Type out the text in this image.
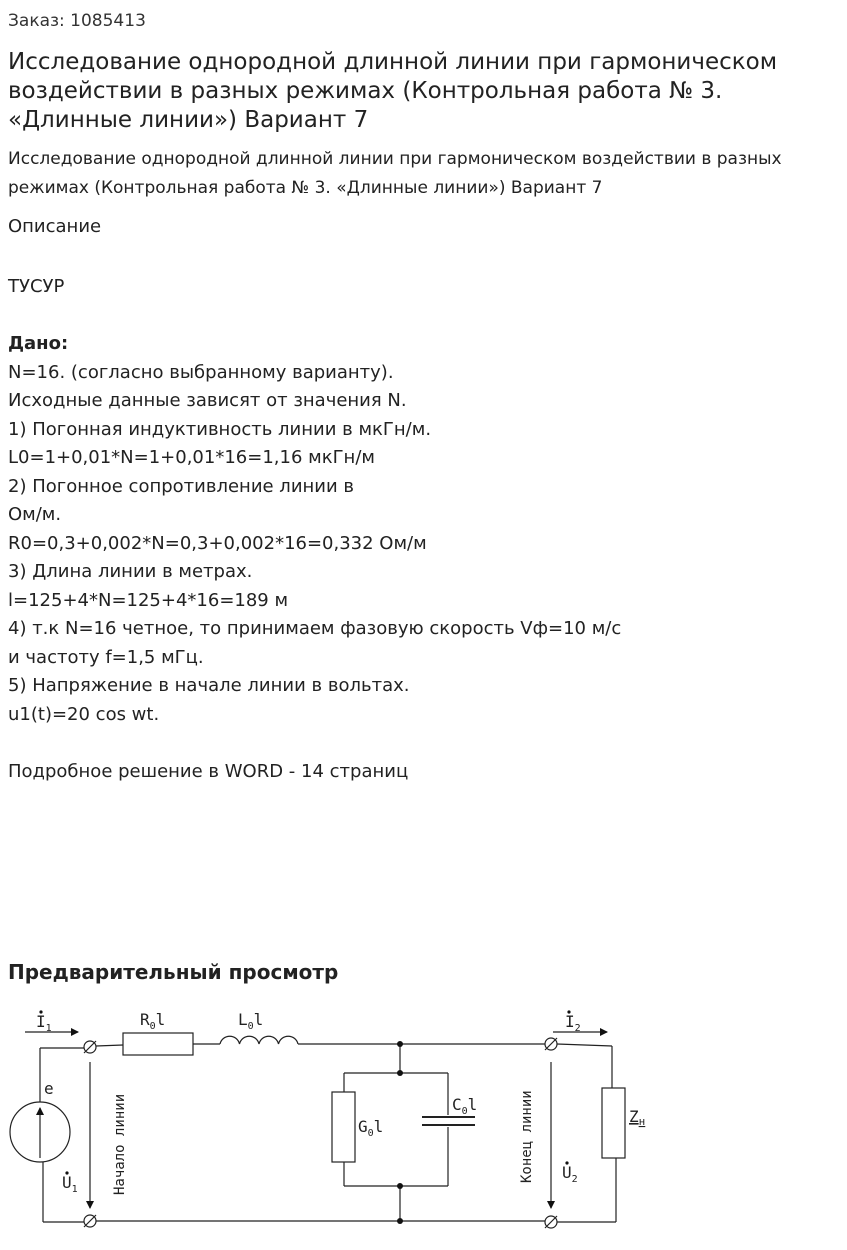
Заказ: 1085413
Исследование однородной длинной линии при гармоническом воздействии в разных режимах (Контрольная работа № 3. «Длинные линии») Вариант 7
Исследование однородной длинной линии при гармоническом воздействии в разных режимах (Контрольная работа № 3. «Длинные линии») Вариант 7
Описание
ТУСУР
Дано:
N=16. (согласно выбранному варианту).
Исходные данные зависят от значения N.
1) Погонная индуктивность линии в мкГн/м.
L0=1+0,01*N=1+0,01*16=1,16 мкГн/м
2) Погонное сопротивление линии в
Ом/м.
R0=0,3+0,002*N=0,3+0,002*16=0,332 Ом/м
3) Длина линии в метрах.
l=125+4*N=125+4*16=189 м
4) т.к N=16 четное, то принимаем фазовую скорость Vф=10 м/с
и частоту f=1,5 мГц.
5) Напряжение в начале линии в вольтах.
u1(t)=20 cos wt.
Подробное решение в WORD - 14 страниц
Предварительный просмотр
$I_1$	$I_2$
$R_0l$	$L_0l$
$G_0l$
$C_0l$
e
$U_1$
$U_2$
Zн
Начало линии	Конец линии
